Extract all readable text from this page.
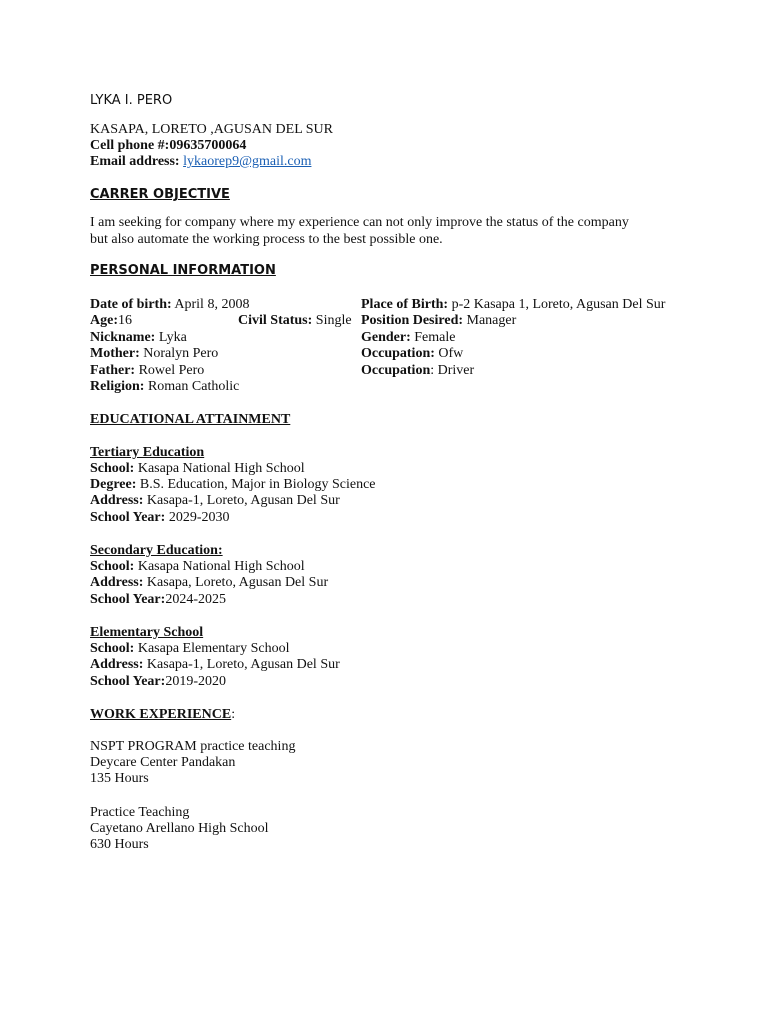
LYKA I. PERO
KASAPA, LORETO ,AGUSAN DEL SUR
Cell phone #:09635700064
Email address: lykaorep9@gmail.com
CARRER OBJECTIVE
I am seeking for company where my experience can not only improve the status of the company
but also automate the working process to the best possible one.
PERSONAL INFORMATION
Date of birth: April 8, 2008
Age:16	Civil Status: Single
Nickname: Lyka
Mother: Noralyn Pero
Father: Rowel Pero
Religion: Roman Catholic
Place of Birth: p-2 Kasapa 1, Loreto, Agusan Del Sur
Position Desired: Manager
Gender: Female
Occupation: Ofw
Occupation: Driver
EDUCATIONAL ATTAINMENT
Tertiary Education
School: Kasapa National High School
Degree: B.S. Education, Major in Biology Science
Address: Kasapa-1, Loreto, Agusan Del Sur
School Year: 2029-2030
Secondary Education:
School: Kasapa National High School
Address: Kasapa, Loreto, Agusan Del Sur
School Year:2024-2025
Elementary School
School: Kasapa Elementary School
Address: Kasapa-1, Loreto, Agusan Del Sur
School Year:2019-2020
WORK EXPERIENCE:
NSPT PROGRAM practice teaching
Deycare Center Pandakan
135 Hours
Practice Teaching
Cayetano Arellano High School
630 Hours
